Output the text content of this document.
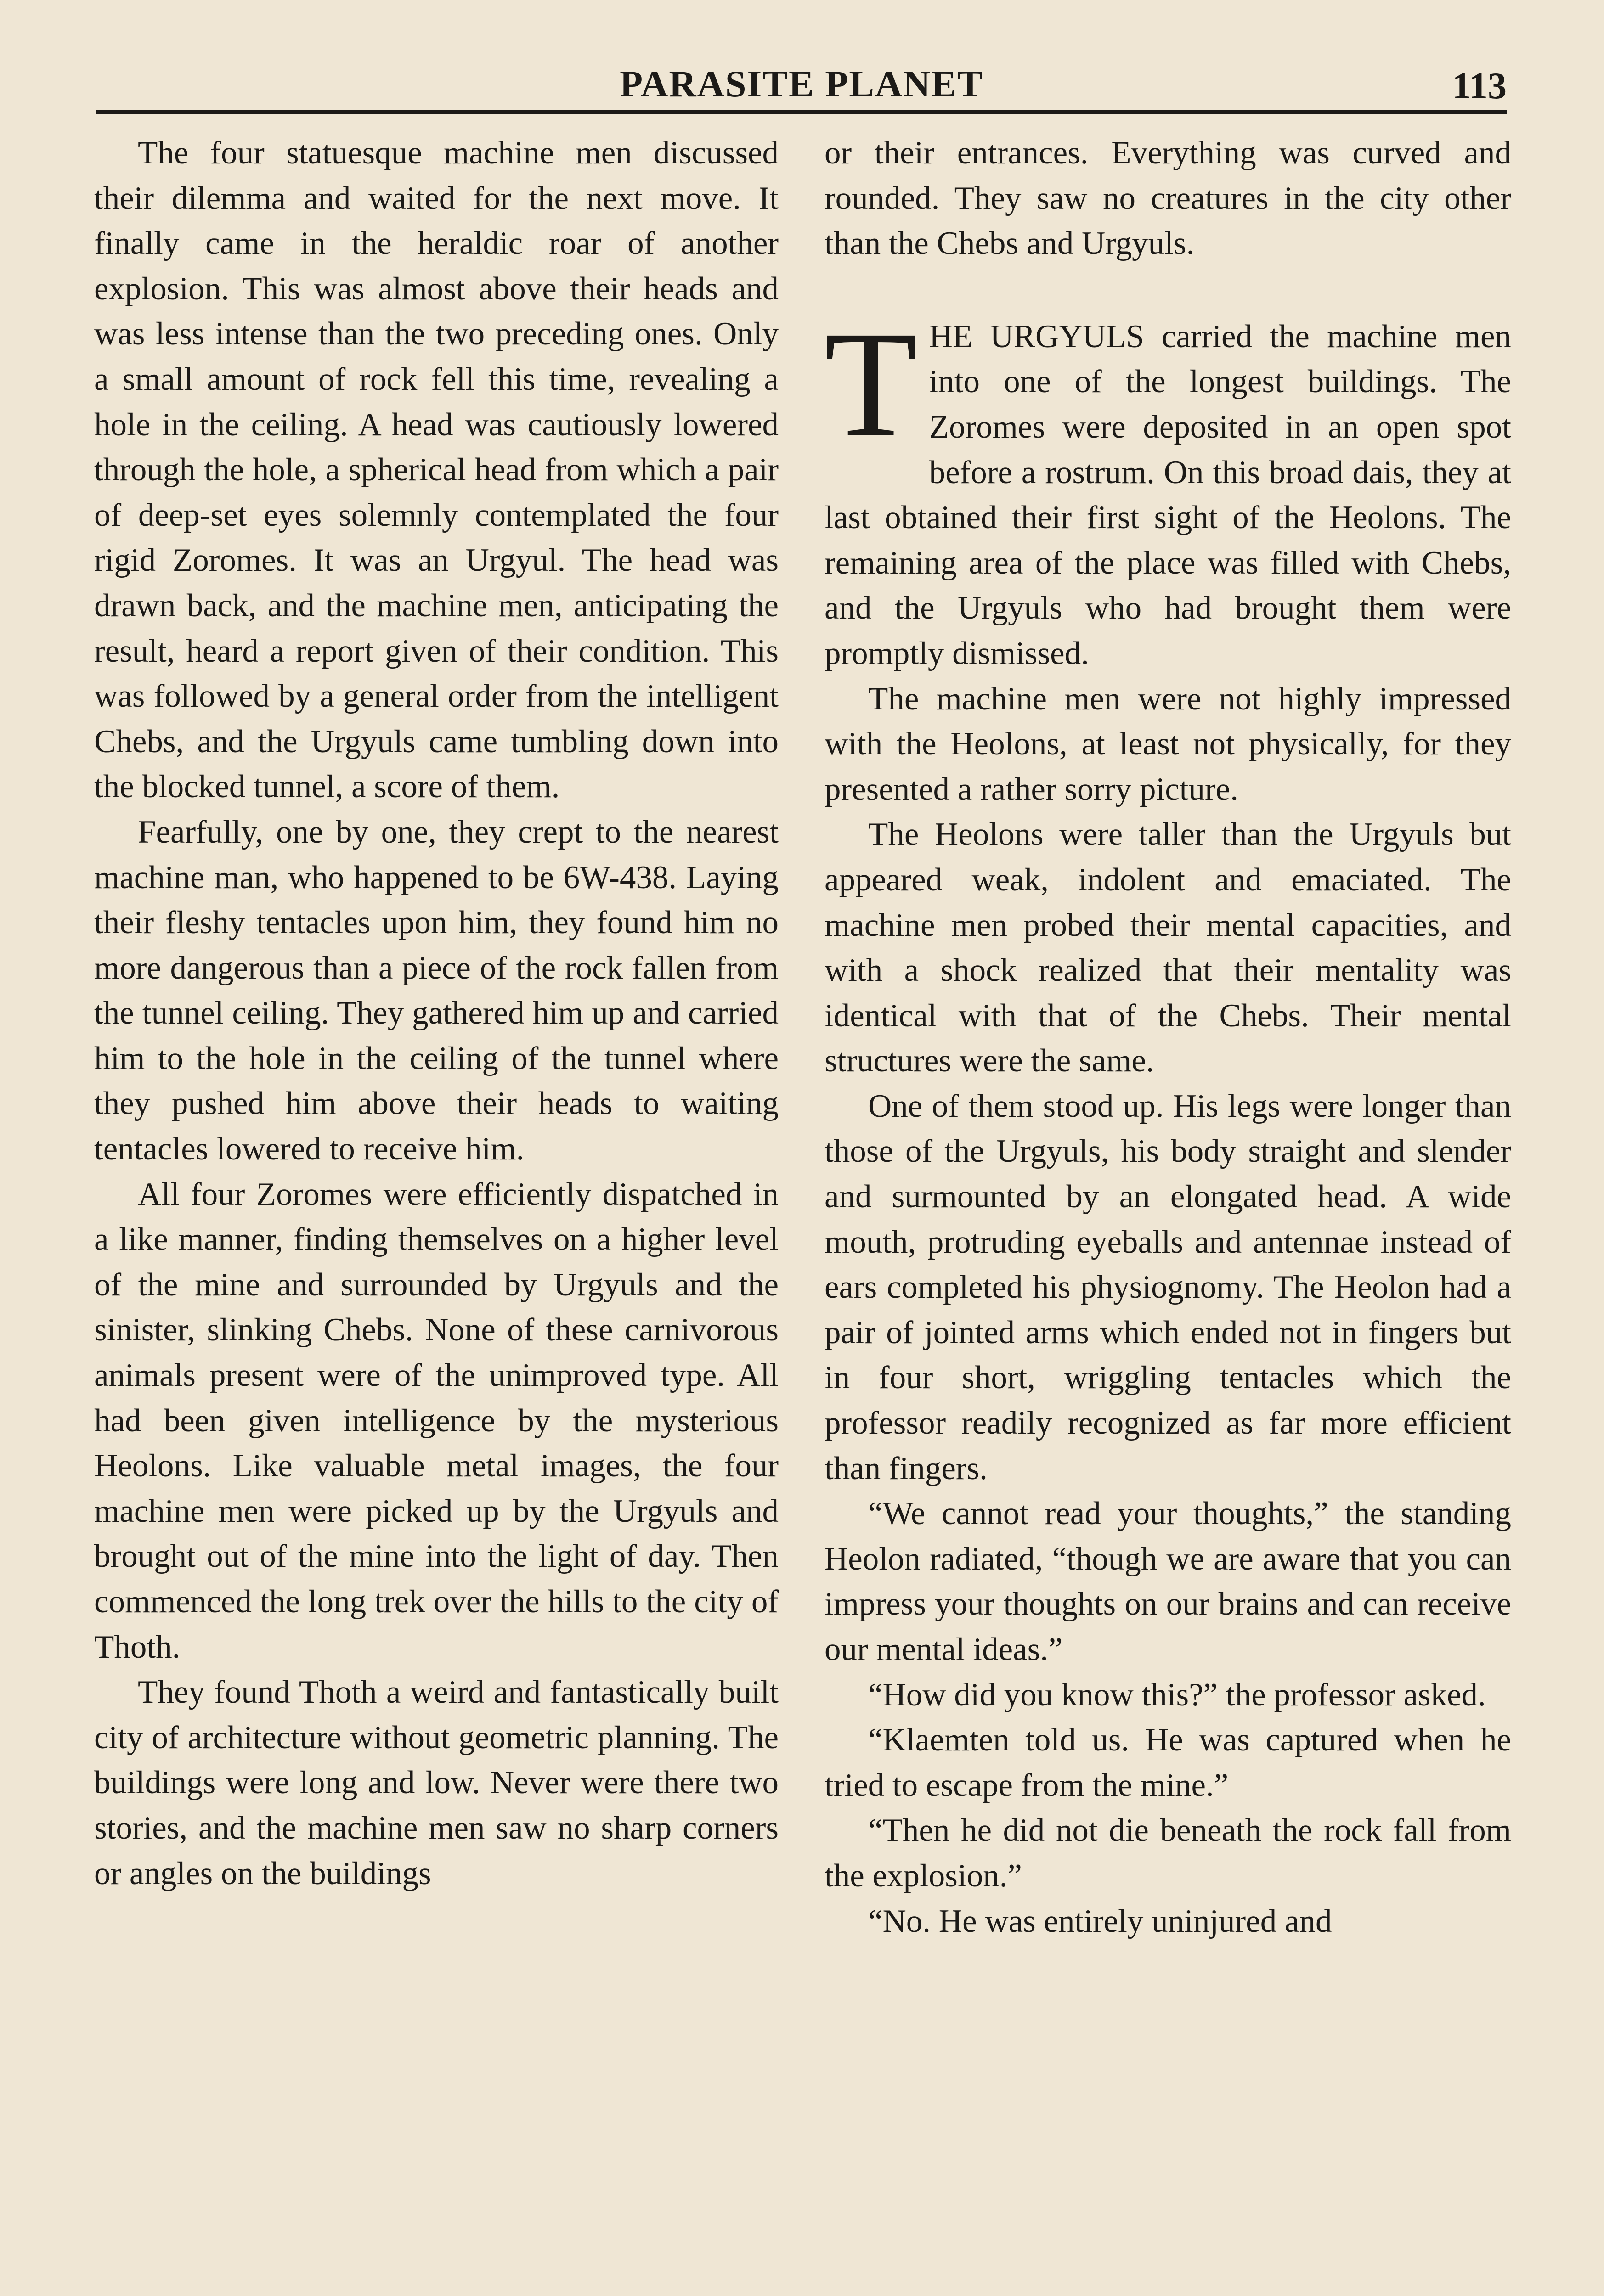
PARASITE PLANET	113

The four statuesque machine men discussed their dilemma and waited for the next move. It finally came in the heraldic roar of another explosion. This was almost above their heads and was less intense than the two preceding ones. Only a small amount of rock fell this time, revealing a hole in the ceiling. A head was cautiously lowered through the hole, a spherical head from which a pair of deep-set eyes solemnly contemplated the four rigid Zoromes. It was an Urgyul. The head was drawn back, and the machine men, anticipating the result, heard a report given of their condition. This was followed by a general order from the intelligent Chebs, and the Urgyuls came tumbling down into the blocked tunnel, a score of them.

Fearfully, one by one, they crept to the nearest machine man, who happened to be 6W-438. Laying their fleshy tentacles upon him, they found him no more dangerous than a piece of the rock fallen from the tunnel ceiling. They gathered him up and carried him to the hole in the ceiling of the tunnel where they pushed him above their heads to waiting tentacles lowered to receive him.

All four Zoromes were efficiently dispatched in a like manner, finding themselves on a higher level of the mine and surrounded by Urgyuls and the sinister, slinking Chebs. None of these carnivorous animals present were of the unimproved type. All had been given intelligence by the mysterious Heolons. Like valuable metal images, the four machine men were picked up by the Urgyuls and brought out of the mine into the light of day. Then commenced the long trek over the hills to the city of Thoth.

They found Thoth a weird and fantastically built city of architecture without geometric planning. The buildings were long and low. Never were there two stories, and the machine men saw no sharp corners or angles on the buildings

or their entrances. Everything was curved and rounded. They saw no creatures in the city other than the Chebs and Urgyuls.

THE URGYULS carried the machine men into one of the longest buildings. The Zoromes were deposited in an open spot before a rostrum. On this broad dais, they at last obtained their first sight of the Heolons. The remaining area of the place was filled with Chebs, and the Urgyuls who had brought them were promptly dismissed.

The machine men were not highly impressed with the Heolons, at least not physically, for they presented a rather sorry picture.

The Heolons were taller than the Urgyuls but appeared weak, indolent and emaciated. The machine men probed their mental capacities, and with a shock realized that their mentality was identical with that of the Chebs. Their mental structures were the same.

One of them stood up. His legs were longer than those of the Urgyuls, his body straight and slender and surmounted by an elongated head. A wide mouth, protruding eyeballs and antennae instead of ears completed his physiognomy. The Heolon had a pair of jointed arms which ended not in fingers but in four short, wriggling tentacles which the professor readily recognized as far more efficient than fingers.

“We cannot read your thoughts,” the standing Heolon radiated, “though we are aware that you can impress your thoughts on our brains and can receive our mental ideas.”

“How did you know this?” the professor asked.

“Klaemten told us. He was captured when he tried to escape from the mine.”

“Then he did not die beneath the rock fall from the explosion.”

“No. He was entirely uninjured and
